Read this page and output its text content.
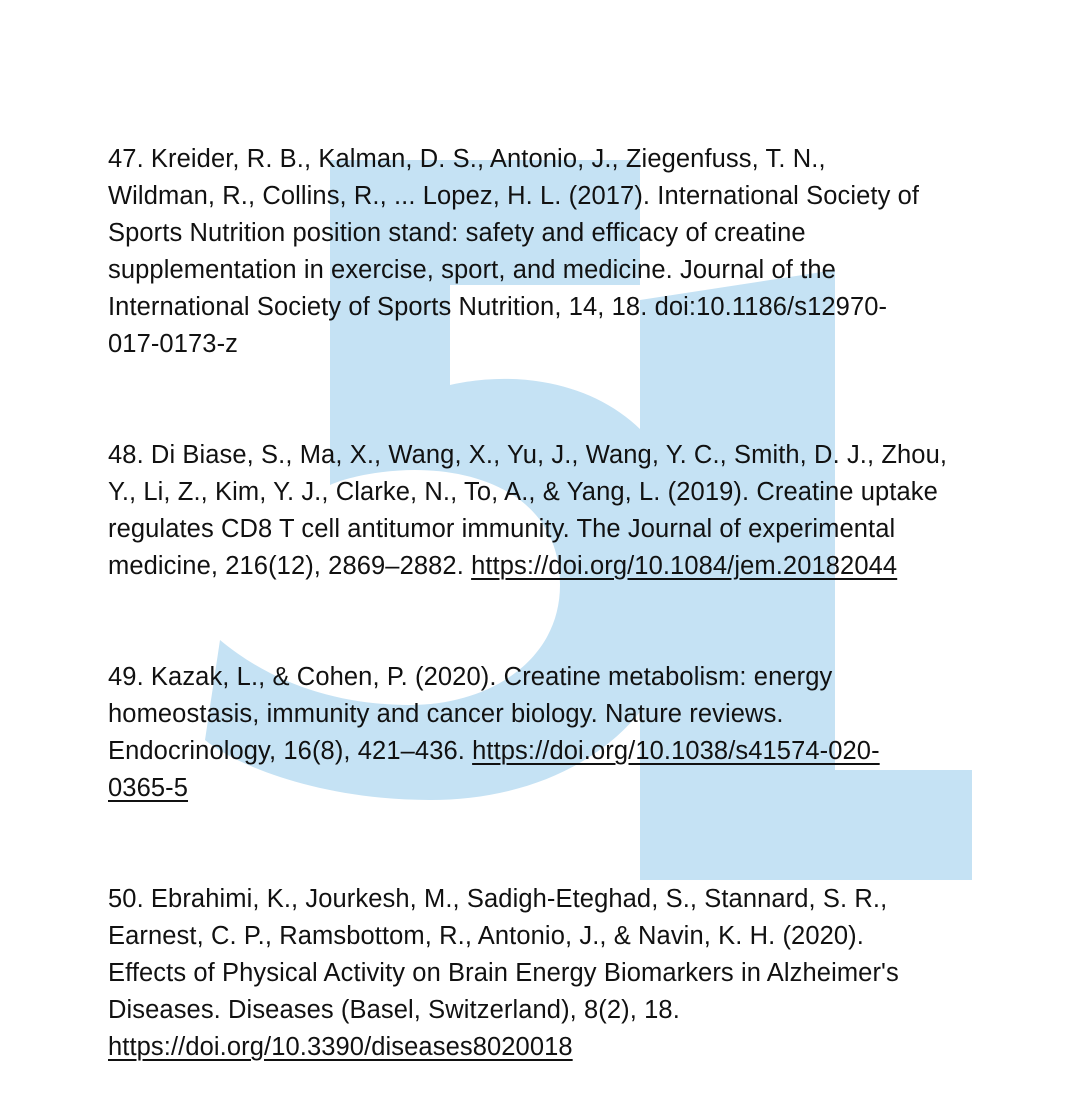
47. Kreider, R. B., Kalman, D. S., Antonio, J., Ziegenfuss, T. N.,
Wildman, R., Collins, R., ... Lopez, H. L. (2017). International Society of
Sports Nutrition position stand: safety and efficacy of creatine
supplementation in exercise, sport, and medicine. Journal of the
International Society of Sports Nutrition, 14, 18. doi:10.1186/s12970-
017-0173-z

48. Di Biase, S., Ma, X., Wang, X., Yu, J., Wang, Y. C., Smith, D. J., Zhou,
Y., Li, Z., Kim, Y. J., Clarke, N., To, A., & Yang, L. (2019). Creatine uptake
regulates CD8 T cell antitumor immunity. The Journal of experimental
medicine, 216(12), 2869–2882. https://doi.org/10.1084/jem.20182044

49. Kazak, L., & Cohen, P. (2020). Creatine metabolism: energy
homeostasis, immunity and cancer biology. Nature reviews.
Endocrinology, 16(8), 421–436. https://doi.org/10.1038/s41574-020-
0365-5

50. Ebrahimi, K., Jourkesh, M., Sadigh-Eteghad, S., Stannard, S. R.,
Earnest, C. P., Ramsbottom, R., Antonio, J., & Navin, K. H. (2020).
Effects of Physical Activity on Brain Energy Biomarkers in Alzheimer's
Diseases. Diseases (Basel, Switzerland), 8(2), 18.
https://doi.org/10.3390/diseases8020018
